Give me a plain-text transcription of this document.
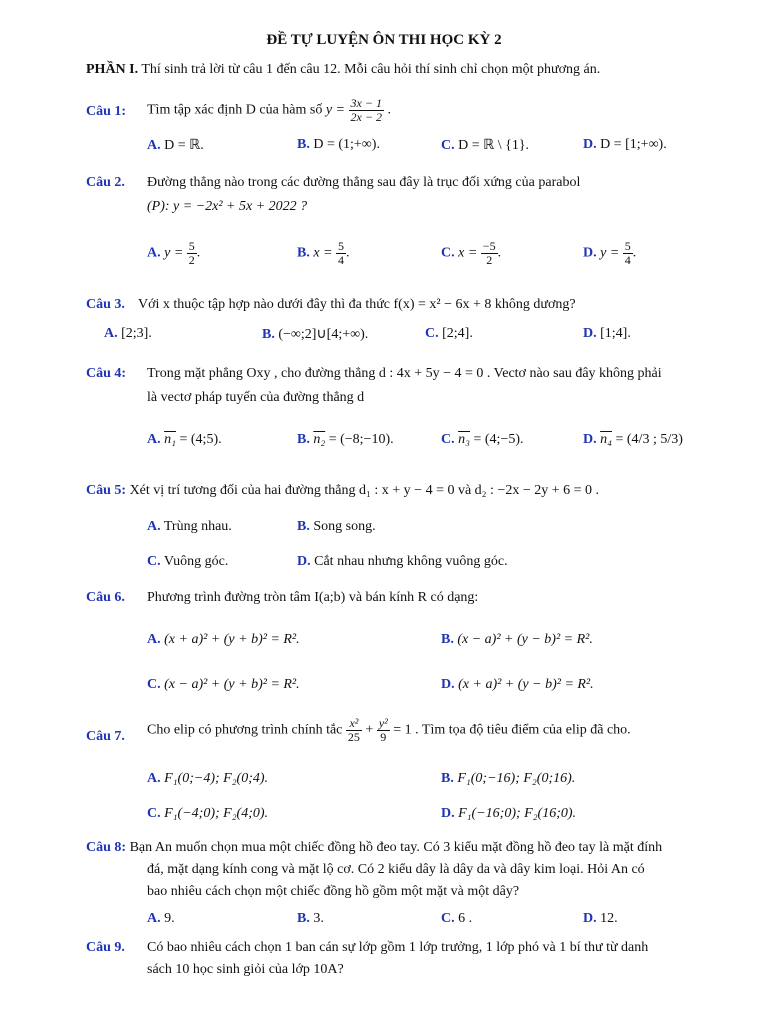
ĐỀ TỰ LUYỆN ÔN THI HỌC KỲ 2
PHẦN I. Thí sinh trả lời từ câu 1 đến câu 12. Mỗi câu hỏi thí sinh chỉ chọn một phương án.
Câu 1: Tìm tập xác định D của hàm số $y = \frac{3x - 1}{2x - 2}$ .
A. D = ℝ.	B. D = (1;+∞).	C. D = ℝ \ {1}.	D. D = [1;+∞).
Câu 2. Đường thẳng nào trong các đường thẳng sau đây là trục đối xứng của parabol
(P): y = −2x² + 5x + 2022 ?
A. $y = \frac{5}{2}$ .	B. $x = \frac{5}{4}$ .	C. $x = \frac{-5}{2}$ .	D. $y = \frac{5}{4}$ .
Câu 3. Với x thuộc tập hợp nào dưới đây thì đa thức f(x) = x² − 6x + 8 không dương?
A. [2;3].	B. (−∞;2]∪[4;+∞).	C. [2;4].	D. [1;4].
Câu 4: Trong mặt phẳng Oxy , cho đường thẳng d : 4x + 5y − 4 = 0 . Vectơ nào sau đây không phải
là vectơ pháp tuyến của đường thẳng d
A. n₁ = (4;5).	B. n₂ = (−8;−10).	C. n₃ = (4;−5).	D. n₄ = (4/3 ; 5/3)
Câu 5: Xét vị trí tương đối của hai đường thẳng d₁ : x + y − 4 = 0 và d₂ : −2x − 2y + 6 = 0 .
A. Trùng nhau.	B. Song song.
C. Vuông góc.	D. Cắt nhau nhưng không vuông góc.
Câu 6. Phương trình đường tròn tâm I(a;b) và bán kính R có dạng:
A. (x + a)² + (y + b)² = R².	B. (x − a)² + (y − b)² = R².
C. (x − a)² + (y + b)² = R².	D. (x + a)² + (y − b)² = R².
Câu 7. Cho elip có phương trình chính tắc $\frac{\text{x²}}{25} + \frac{\text{y²}}{9} = 1$ . Tìm tọa độ tiêu điểm của elip đã cho.
A. F₁(0;−4); F₂(0;4).	B. F₁(0;−16); F₂(0;16).
C. F₁(−4;0); F₂(4;0).	D. F₁(−16;0); F₂(16;0).
Câu 8: Bạn An muốn chọn mua một chiếc đồng hồ đeo tay. Có 3 kiểu mặt đồng hồ đeo tay là mặt đính
đá, mặt dạng kính cong và mặt lộ cơ. Có 2 kiểu dây là dây da và dây kim loại. Hỏi An có
bao nhiêu cách chọn một chiếc đồng hồ gồm một mặt và một dây?
A. 9.	B. 3.	C. 6 .	D. 12.
Câu 9. Có bao nhiêu cách chọn 1 ban cán sự lớp gồm 1 lớp trưởng, 1 lớp phó và 1 bí thư từ danh
sách 10 học sinh giỏi của lớp 10A?
